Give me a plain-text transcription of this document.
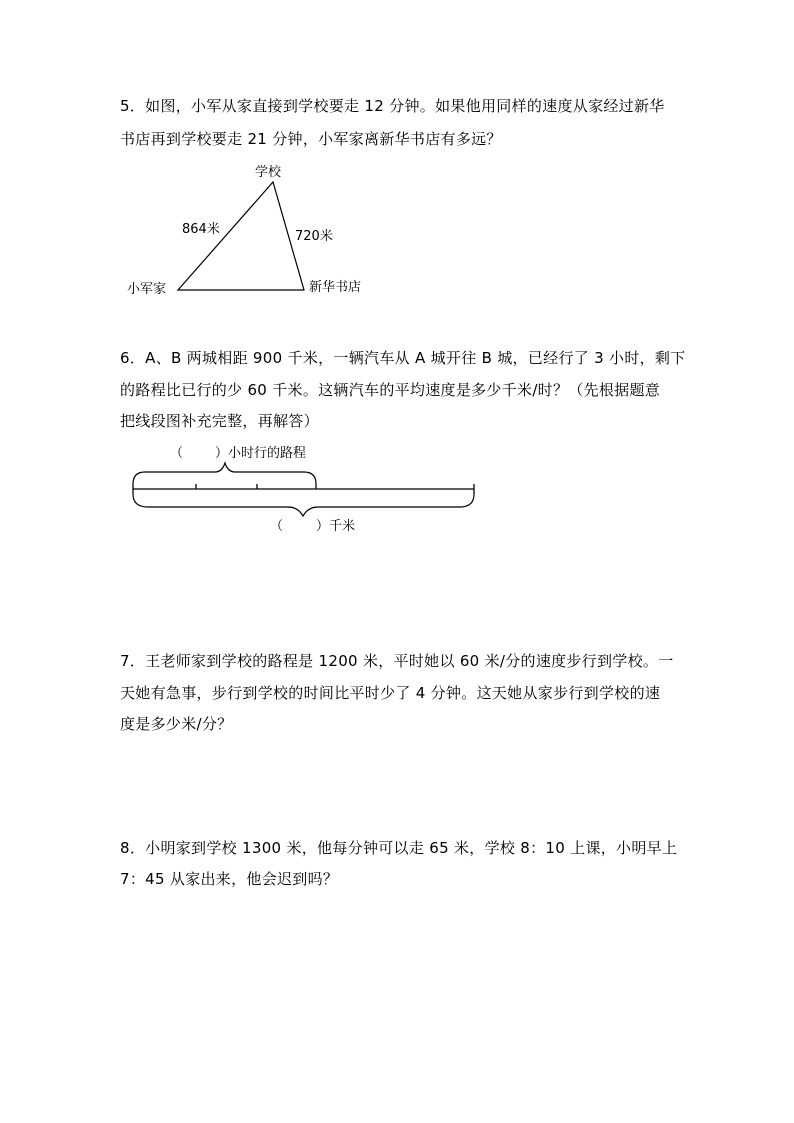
5．如图，小军从家直接到学校要走 12 分钟。如果他用同样的速度从家经过新华
书店再到学校要走 21 分钟，小军家离新华书店有多远？
学校
小军家	新华书店
864米	720米
6．A、B 两城相距 900 千米，一辆汽车从 A 城开往 B 城，已经行了 3 小时，剩下
的路程比已行的少 60 千米。这辆汽车的平均速度是多少千米/时？（先根据题意
把线段图补充完整，再解答）
（ ）小时行的路程
（	）千米
7．王老师家到学校的路程是 1200 米，平时她以 60 米/分的速度步行到学校。一
天她有急事，步行到学校的时间比平时少了 4 分钟。这天她从家步行到学校的速
度是多少米/分？
8．小明家到学校 1300 米，他每分钟可以走 65 米，学校 8：10 上课，小明早上
7：45 从家出来，他会迟到吗？
